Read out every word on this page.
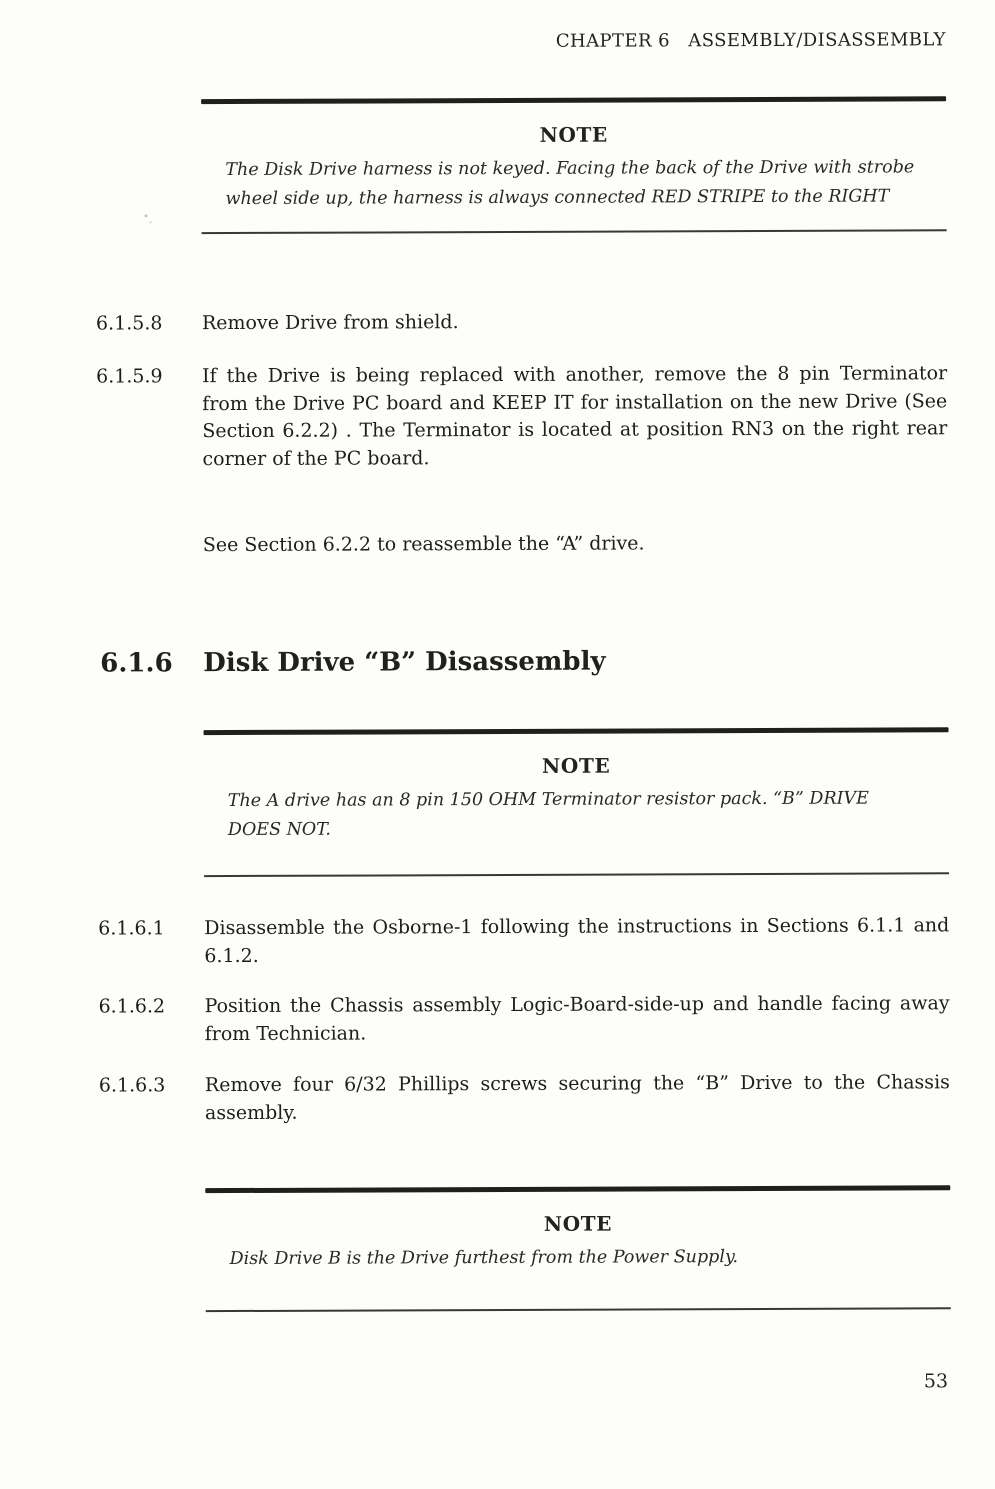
CHAPTER 6   ASSEMBLY/DISASSEMBLY
NOTE
The Disk Drive harness is not keyed. Facing the back of the Drive with strobe wheel side up, the harness is always connected RED STRIPE to the RIGHT
6.1.5.8	Remove Drive from shield.
6.1.5.9	If the Drive is being replaced with another, remove the 8 pin Terminator from the Drive PC board and KEEP IT for installation on the new Drive (See Section 6.2.2) . The Terminator is located at position RN3 on the right rear corner of the PC board.
See Section 6.2.2 to reassemble the “A” drive.
6.1.6	Disk Drive “B” Disassembly
NOTE
The A drive has an 8 pin 150 OHM Terminator resistor pack. “B” DRIVE DOES NOT.
6.1.6.1	Disassemble the Osborne-1 following the instructions in Sections 6.1.1 and 6.1.2.
6.1.6.2	Position the Chassis assembly Logic-Board-side-up and handle facing away from Technician.
6.1.6.3	Remove four 6/32 Phillips screws securing the “B” Drive to the Chassis assembly.
NOTE
Disk Drive B is the Drive furthest from the Power Supply.
53
